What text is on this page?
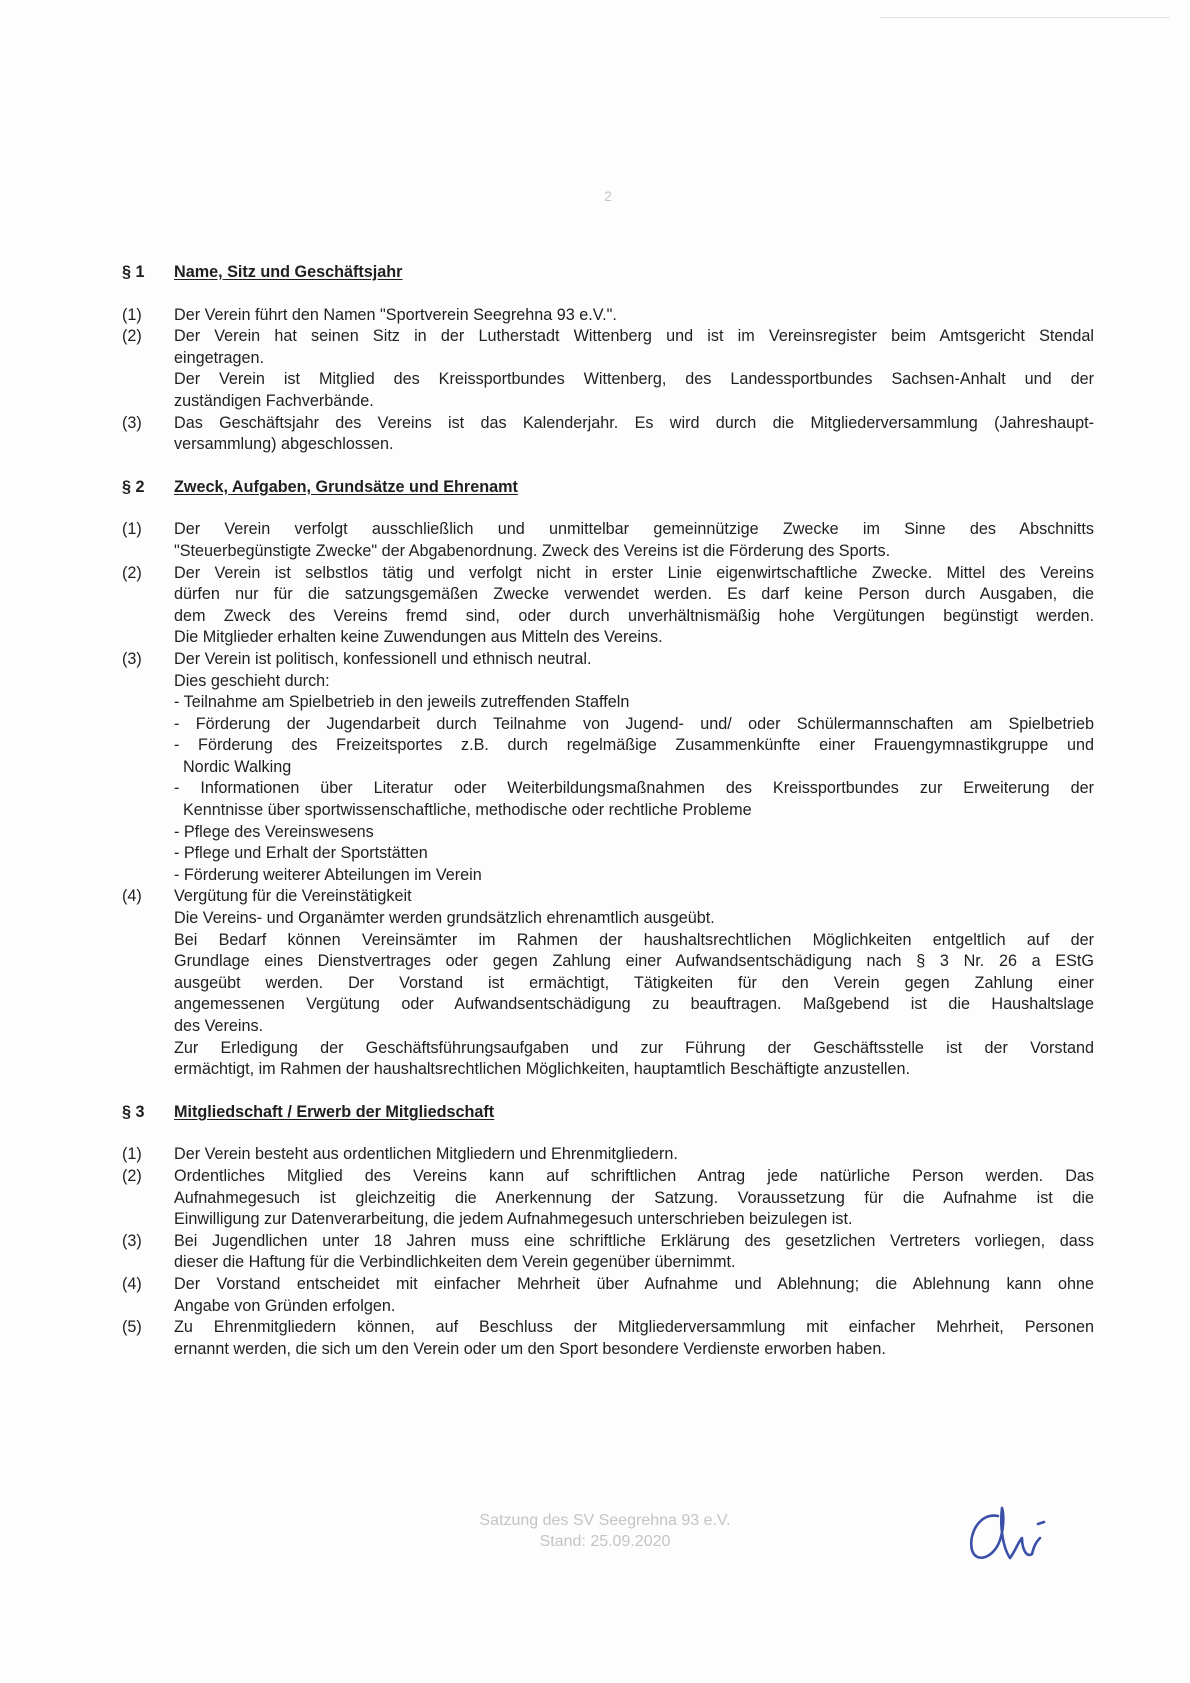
2
§ 1	Name, Sitz und Geschäftsjahr
(1)	Der Verein führt den Namen "Sportverein Seegrehna 93 e.V.".
(2)	Der Verein hat seinen Sitz in der Lutherstadt Wittenberg und ist im Vereinsregister beim Amtsgericht Stendal
eingetragen.
Der Verein ist Mitglied des Kreissportbundes Wittenberg, des Landessportbundes Sachsen-Anhalt und der
zuständigen Fachverbände.
(3)	Das Geschäftsjahr des Vereins ist das Kalenderjahr. Es wird durch die Mitgliederversammlung (Jahreshaupt-
versammlung) abgeschlossen.
§ 2	Zweck, Aufgaben, Grundsätze und Ehrenamt
(1)	Der Verein verfolgt ausschließlich und unmittelbar gemeinnützige Zwecke im Sinne des Abschnitts
"Steuerbegünstigte Zwecke" der Abgabenordnung. Zweck des Vereins ist die Förderung des Sports.
(2)	Der Verein ist selbstlos tätig und verfolgt nicht in erster Linie eigenwirtschaftliche Zwecke. Mittel des Vereins
dürfen nur für die satzungsgemäßen Zwecke verwendet werden. Es darf keine Person durch Ausgaben, die
dem Zweck des Vereins fremd sind, oder durch unverhältnismäßig hohe Vergütungen begünstigt werden.
Die Mitglieder erhalten keine Zuwendungen aus Mitteln des Vereins.
(3)	Der Verein ist politisch, konfessionell und ethnisch neutral.
Dies geschieht durch:
- Teilnahme am Spielbetrieb in den jeweils zutreffenden Staffeln
- Förderung der Jugendarbeit durch Teilnahme von Jugend- und/ oder Schülermannschaften am Spielbetrieb
- Förderung des Freizeitsportes z.B. durch regelmäßige Zusammenkünfte einer Frauengymnastikgruppe und
Nordic Walking
- Informationen über Literatur oder Weiterbildungsmaßnahmen des Kreissportbundes zur Erweiterung der
Kenntnisse über sportwissenschaftliche, methodische oder rechtliche Probleme
- Pflege des Vereinswesens
- Pflege und Erhalt der Sportstätten
- Förderung weiterer Abteilungen im Verein
(4)	Vergütung für die Vereinstätigkeit
Die Vereins- und Organämter werden grundsätzlich ehrenamtlich ausgeübt.
Bei Bedarf können Vereinsämter im Rahmen der haushaltsrechtlichen Möglichkeiten entgeltlich auf der
Grundlage eines Dienstvertrages oder gegen Zahlung einer Aufwandsentschädigung nach § 3 Nr. 26 a EStG
ausgeübt werden. Der Vorstand ist ermächtigt, Tätigkeiten für den Verein gegen Zahlung einer
angemessenen Vergütung oder Aufwandsentschädigung zu beauftragen. Maßgebend ist die Haushaltslage
des Vereins.
Zur Erledigung der Geschäftsführungsaufgaben und zur Führung der Geschäftsstelle ist der Vorstand
ermächtigt, im Rahmen der haushaltsrechtlichen Möglichkeiten, hauptamtlich Beschäftigte anzustellen.
§ 3	Mitgliedschaft / Erwerb der Mitgliedschaft
(1)	Der Verein besteht aus ordentlichen Mitgliedern und Ehrenmitgliedern.
(2)	Ordentliches Mitglied des Vereins kann auf schriftlichen Antrag jede natürliche Person werden. Das
Aufnahmegesuch ist gleichzeitig die Anerkennung der Satzung. Voraussetzung für die Aufnahme ist die
Einwilligung zur Datenverarbeitung, die jedem Aufnahmegesuch unterschrieben beizulegen ist.
(3)	Bei Jugendlichen unter 18 Jahren muss eine schriftliche Erklärung des gesetzlichen Vertreters vorliegen, dass
dieser die Haftung für die Verbindlichkeiten dem Verein gegenüber übernimmt.
(4)	Der Vorstand entscheidet mit einfacher Mehrheit über Aufnahme und Ablehnung; die Ablehnung kann ohne
Angabe von Gründen erfolgen.
(5)	Zu Ehrenmitgliedern können, auf Beschluss der Mitgliederversammlung mit einfacher Mehrheit, Personen
ernannt werden, die sich um den Verein oder um den Sport besondere Verdienste erworben haben.
Satzung des SV Seegrehna 93 e.V.
Stand: 25.09.2020
